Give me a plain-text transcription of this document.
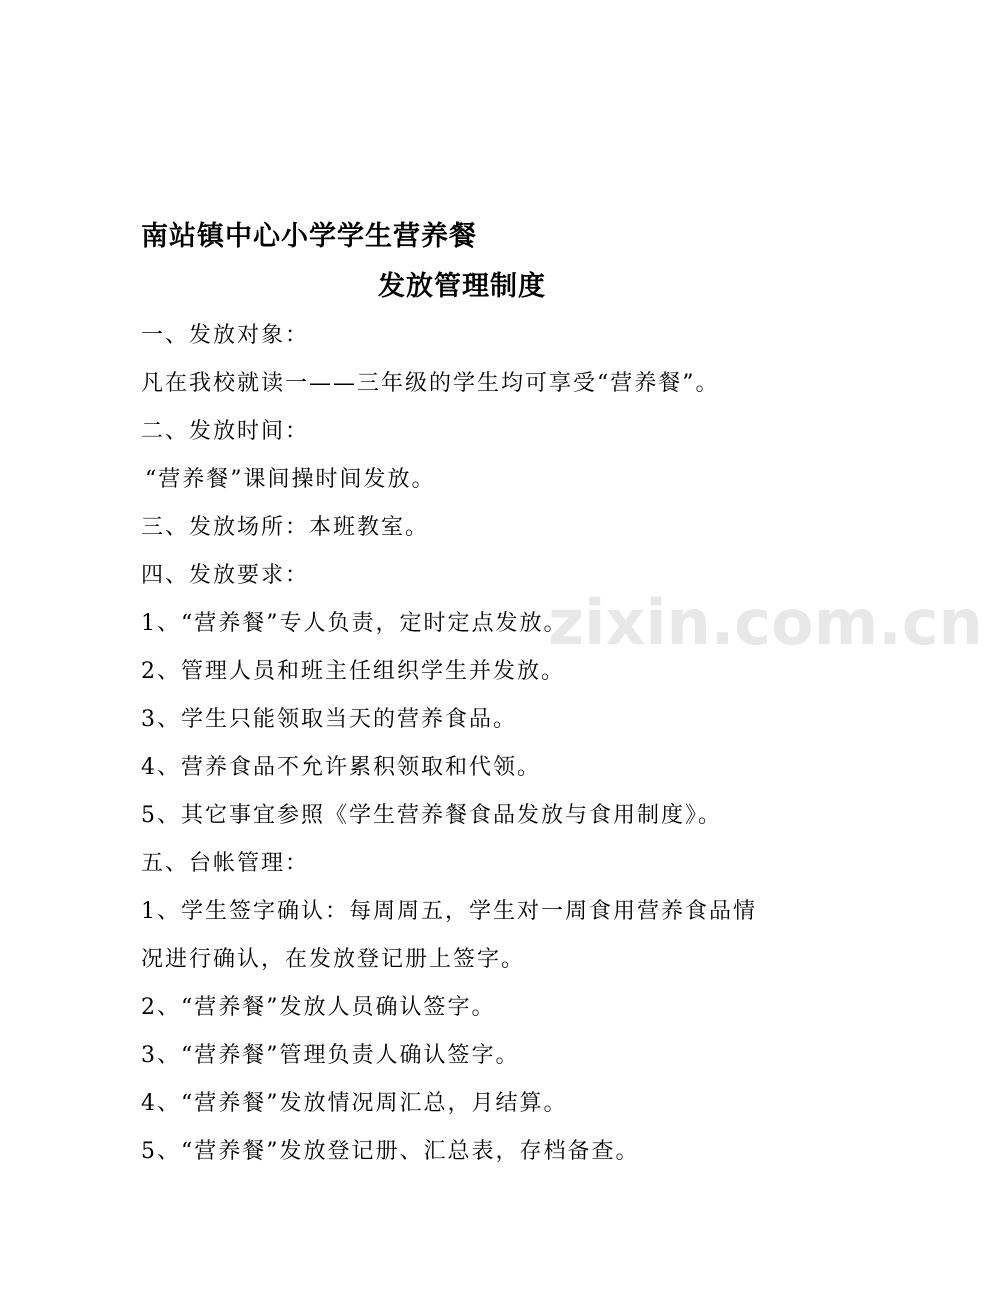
南站镇中心小学学生营养餐
发放管理制度
一、发放对象：
凡在我校就读一——三年级的学生均可享受“营养餐”。
二、发放时间：
“营养餐”课间操时间发放。
三、发放场所：本班教室。
四、发放要求：
1、“营养餐”专人负责，定时定点发放。
2、管理人员和班主任组织学生并发放。
3、学生只能领取当天的营养食品。
4、营养食品不允许累积领取和代领。
5、其它事宜参照《学生营养餐食品发放与食用制度》。
五、台帐管理：
1、学生签字确认：每周周五，学生对一周食用营养食品情
况进行确认，在发放登记册上签字。
2、“营养餐”发放人员确认签字。
3、“营养餐”管理负责人确认签字。
4、“营养餐”发放情况周汇总，月结算。
5、“营养餐”发放登记册、汇总表，存档备查。
zixin.com.cn
